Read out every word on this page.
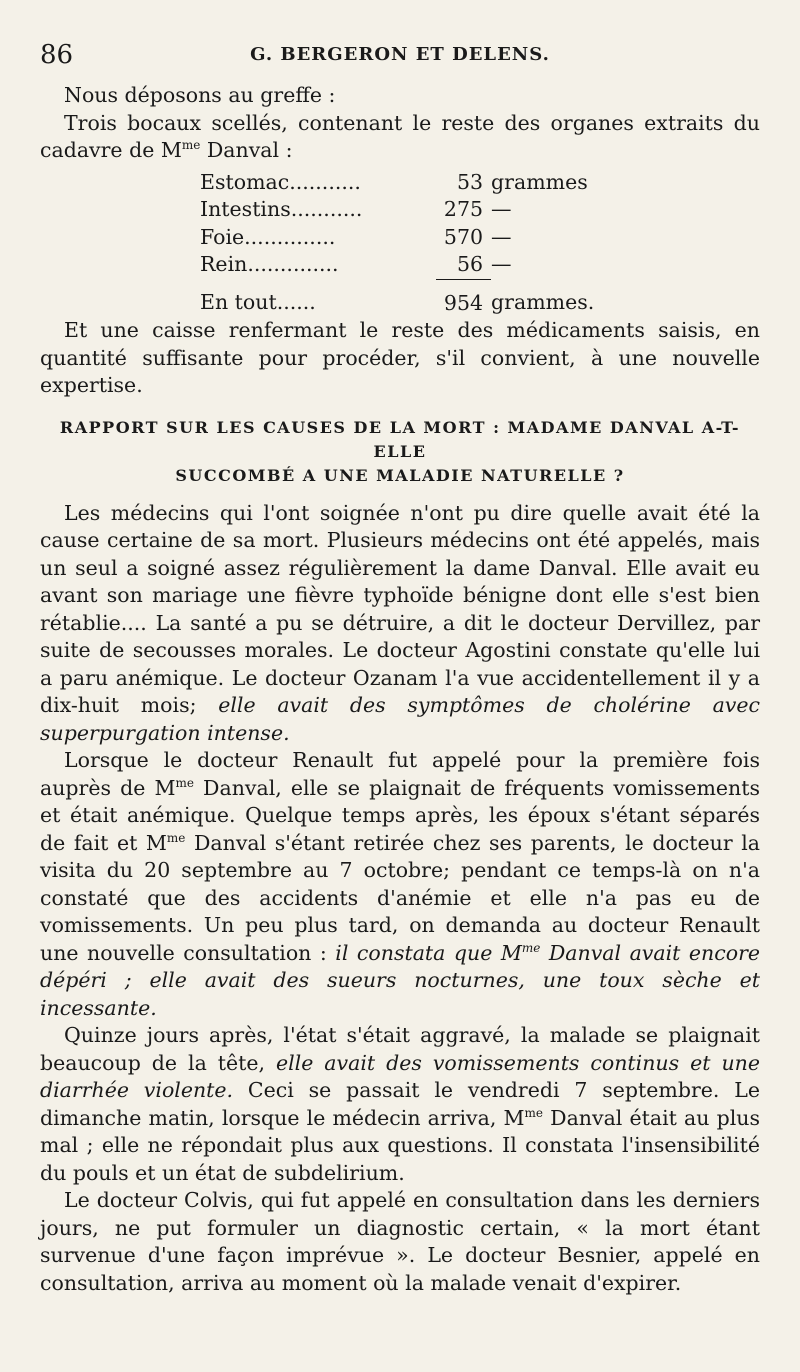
86	G. BERGERON ET DELENS.

Nous déposons au greffe :

Trois bocaux scellés, contenant le reste des organes extraits du cadavre de $M^{me}$ Danval :

Estomac...........	53	grammes
Intestins...........	275	—
Foie..............	570	—
Rein..............	56	—
En tout......	954	grammes.

Et une caisse renfermant le reste des médicaments saisis, en quantité suffisante pour procéder, s'il convient, à une nouvelle expertise.

RAPPORT SUR LES CAUSES DE LA MORT : MADAME DANVAL A-T-ELLE
SUCCOMBÉ A UNE MALADIE NATURELLE ?

Les médecins qui l'ont soignée n'ont pu dire quelle avait été la cause certaine de sa mort. Plusieurs médecins ont été appelés, mais un seul a soigné assez régulièrement la dame Danval. Elle avait eu avant son mariage une fièvre typhoïde bénigne dont elle s'est bien rétablie.... La santé a pu se détruire, a dit le docteur Dervillez, par suite de secousses morales. Le docteur Agostini constate qu'elle lui a paru anémique. Le docteur Ozanam l'a vue accidentellement il y a dix-huit mois; elle avait des symptômes de cholérine avec superpurgation intense.

Lorsque le docteur Renault fut appelé pour la première fois auprès de $M^{me}$ Danval, elle se plaignait de fréquents vomissements et était anémique. Quelque temps après, les époux s'étant séparés de fait et $M^{me}$ Danval s'étant retirée chez ses parents, le docteur la visita du 20 septembre au 7 octobre; pendant ce temps-là on n'a constaté que des accidents d'anémie et elle n'a pas eu de vomissements. Un peu plus tard, on demanda au docteur Renault une nouvelle consultation : il constata que $M^{me}$ Danval avait encore dépéri ; elle avait des sueurs nocturnes, une toux sèche et incessante.

Quinze jours après, l'état s'était aggravé, la malade se plaignait beaucoup de la tête, elle avait des vomissements continus et une diarrhée violente. Ceci se passait le vendredi 7 septembre. Le dimanche matin, lorsque le médecin arriva, $M^{me}$ Danval était au plus mal ; elle ne répondait plus aux questions. Il constata l'insensibilité du pouls et un état de subdelirium.

Le docteur Colvis, qui fut appelé en consultation dans les derniers jours, ne put formuler un diagnostic certain, « la mort étant survenue d'une façon imprévue ». Le docteur Besnier, appelé en consultation, arriva au moment où la malade venait d'expirer.
